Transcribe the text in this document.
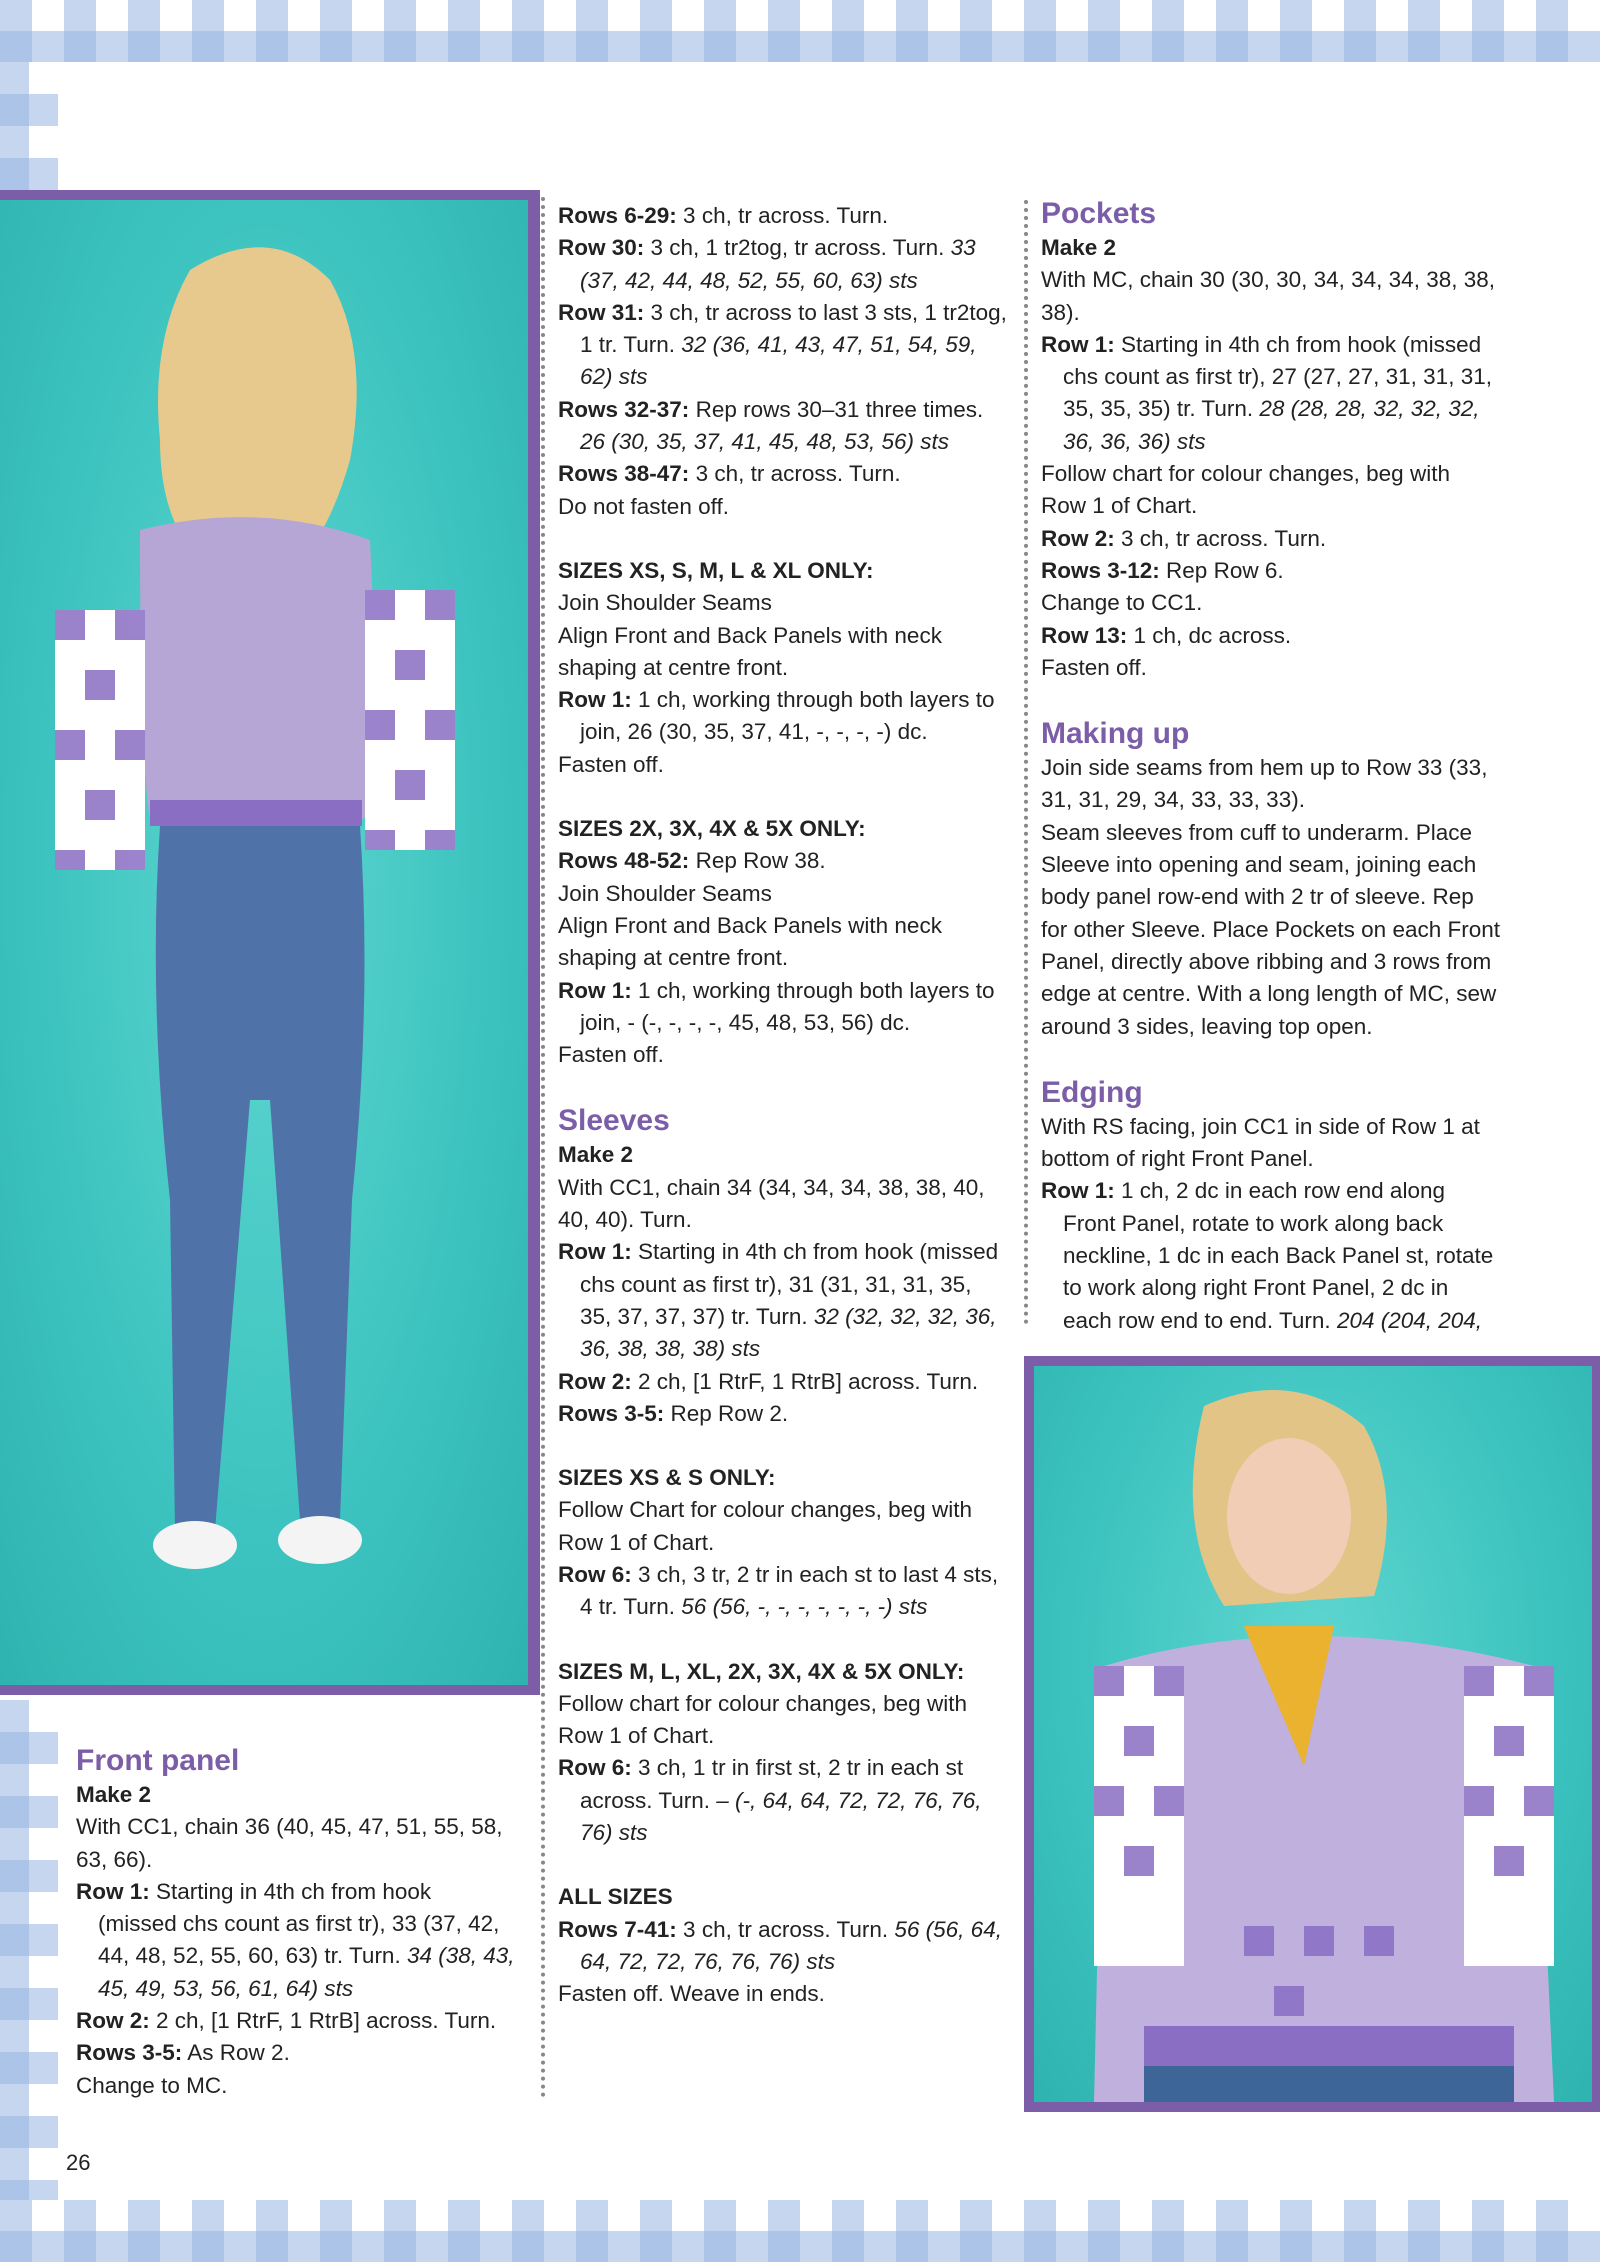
Front panel

Make 2

With CC1, chain 36 (40, 45, 47, 51, 55, 58, 63, 66).

Row 1: Starting in 4th ch from hook (missed chs count as first tr), 33 (37, 42, 44, 48, 52, 55, 60, 63) tr. Turn. 34 (38, 43, 45, 49, 53, 56, 61, 64) sts

Row 2: 2 ch, [1 RtrF, 1 RtrB] across. Turn.

Rows 3-5: As Row 2.

Change to MC.

Rows 6-29: 3 ch, tr across. Turn.

Row 30: 3 ch, 1 tr2tog, tr across. Turn. 33 (37, 42, 44, 48, 52, 55, 60, 63) sts

Row 31: 3 ch, tr across to last 3 sts, 1 tr2tog, 1 tr. Turn. 32 (36, 41, 43, 47, 51, 54, 59, 62) sts

Rows 32-37: Rep rows 30–31 three times. 26 (30, 35, 37, 41, 45, 48, 53, 56) sts

Rows 38-47: 3 ch, tr across. Turn.

Do not fasten off.

SIZES XS, S, M, L & XL ONLY:

Join Shoulder Seams

Align Front and Back Panels with neck shaping at centre front.

Row 1: 1 ch, working through both layers to join, 26 (30, 35, 37, 41, -, -, -, -) dc.

Fasten off.

SIZES 2X, 3X, 4X & 5X ONLY:

Rows 48-52: Rep Row 38.

Join Shoulder Seams

Align Front and Back Panels with neck shaping at centre front.

Row 1: 1 ch, working through both layers to join, - (-, -, -, -, 45, 48, 53, 56) dc.

Fasten off.

Sleeves

Make 2

With CC1, chain 34 (34, 34, 34, 38, 38, 40, 40, 40). Turn.

Row 1: Starting in 4th ch from hook (missed chs count as first tr), 31 (31, 31, 31, 35, 35, 37, 37, 37) tr. Turn. 32 (32, 32, 32, 36, 36, 38, 38, 38) sts

Row 2: 2 ch, [1 RtrF, 1 RtrB] across. Turn.

Rows 3-5: Rep Row 2.

SIZES XS & S ONLY:

Follow Chart for colour changes, beg with Row 1 of Chart.

Row 6: 3 ch, 3 tr, 2 tr in each st to last 4 sts, 4 tr. Turn. 56 (56, -, -, -, -, -, -, -) sts

SIZES M, L, XL, 2X, 3X, 4X & 5X ONLY:

Follow chart for colour changes, beg with Row 1 of Chart.

Row 6: 3 ch, 1 tr in first st, 2 tr in each st across. Turn. – (-, 64, 64, 72, 72, 76, 76, 76) sts

ALL SIZES

Rows 7-41: 3 ch, tr across. Turn. 56 (56, 64, 64, 72, 72, 76, 76, 76) sts

Fasten off. Weave in ends.

Pockets

Make 2

With MC, chain 30 (30, 30, 34, 34, 34, 38, 38, 38).

Row 1: Starting in 4th ch from hook (missed chs count as first tr), 27 (27, 27, 31, 31, 31, 35, 35, 35) tr. Turn. 28 (28, 28, 32, 32, 32, 36, 36, 36) sts

Follow chart for colour changes, beg with Row 1 of Chart.

Row 2: 3 ch, tr across. Turn.

Rows 3-12: Rep Row 6.

Change to CC1.

Row 13: 1 ch, dc across.

Fasten off.

Making up

Join side seams from hem up to Row 33 (33, 31, 31, 29, 34, 33, 33, 33).

Seam sleeves from cuff to underarm. Place Sleeve into opening and seam, joining each body panel row-end with 2 tr of sleeve. Rep for other Sleeve. Place Pockets on each Front Panel, directly above ribbing and 3 rows from edge at centre. With a long length of MC, sew around 3 sides, leaving top open.

Edging

With RS facing, join CC1 in side of Row 1 at bottom of right Front Panel.

Row 1: 1 ch, 2 dc in each row end along Front Panel, rotate to work along back neckline, 1 dc in each Back Panel st, rotate to work along right Front Panel, 2 dc in each row end to end. Turn. 204 (204, 204,

26
